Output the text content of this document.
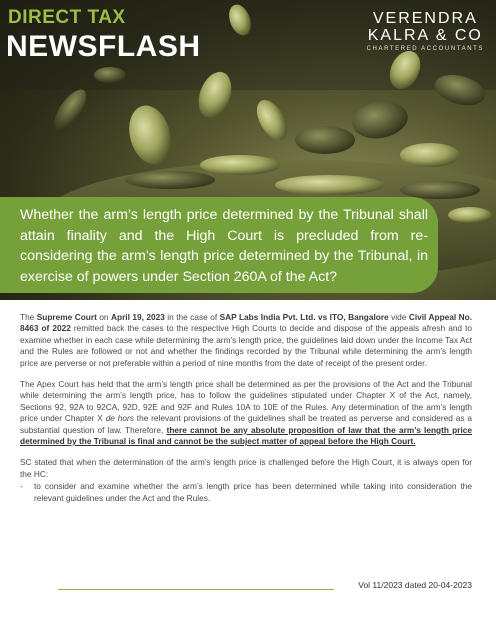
DIRECT TAX
NEWSFLASH
VERENDRA
KALRA & CO
CHARTERED ACCOUNTANTS

Whether the arm’s length price determined by the Tribunal shall attain finality and the High Court is precluded from re-considering the arm’s length price determined by the Tribunal, in exercise of powers under Section 260A of the Act?

The Supreme Court on April 19, 2023 in the case of SAP Labs India Pvt. Ltd. vs ITO, Bangalore vide Civil Appeal No. 8463 of 2022 remitted back the cases to the respective High Courts to decide and dispose of the appeals afresh and to examine whether in each case while determining the arm’s length price, the guidelines laid down under the Income Tax Act and the Rules are followed or not and whether the findings recorded by the Tribunal while determining the arm’s length price are perverse or not preferable within a period of nine months from the date of receipt of the present order.

The Apex Court has held that the arm’s length price shall be determined as per the provisions of the Act and the Tribunal while determining the arm’s length price, has to follow the guidelines stipulated under Chapter X of the Act, namely, Sections 92, 92A to 92CA, 92D, 92E and 92F and Rules 10A to 10E of the Rules. Any determination of the arm’s length price under Chapter X de hors the relevant provisions of the guidelines shall be treated as perverse and considered as a substantial question of law. Therefore, there cannot be any absolute proposition of law that the arm’s length price determined by the Tribunal is final and cannot be the subject matter of appeal before the High Court.

SC stated that when the determination of the arm’s length price is challenged before the High Court, it is always open for the HC:

-	to consider and examine whether the arm’s length price has been determined while taking into consideration the relevant guidelines under the Act and the Rules.
Vol 11/2023 dated 20-04-2023
